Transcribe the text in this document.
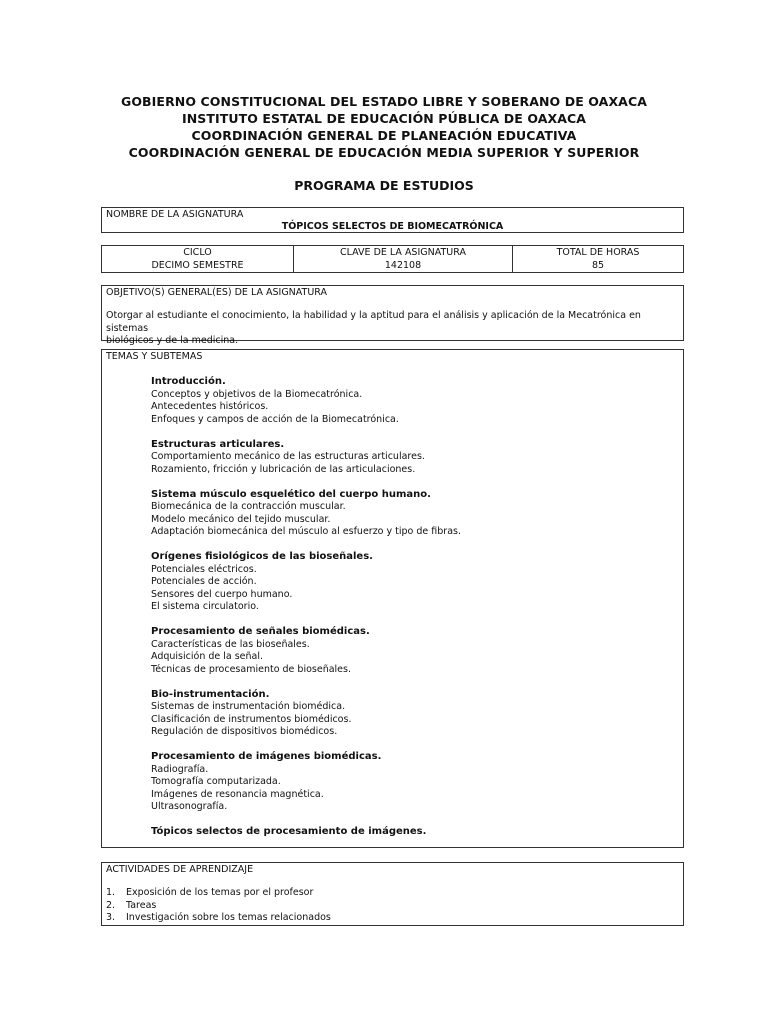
GOBIERNO CONSTITUCIONAL DEL ESTADO LIBRE Y SOBERANO DE OAXACA
INSTITUTO ESTATAL DE EDUCACIÓN PÚBLICA DE OAXACA
COORDINACIÓN GENERAL DE PLANEACIÓN EDUCATIVA
COORDINACIÓN GENERAL DE EDUCACIÓN MEDIA SUPERIOR Y SUPERIOR
PROGRAMA DE ESTUDIOS
NOMBRE DE LA ASIGNATURA
TÓPICOS SELECTOS DE BIOMECATRÓNICA
CICLO
DECIMO SEMESTRE
CLAVE DE LA ASIGNATURA
142108
TOTAL DE HORAS
85
OBJETIVO(S) GENERAL(ES) DE LA ASIGNATURA
Otorgar al estudiante el conocimiento, la habilidad y la aptitud para el análisis y aplicación de la Mecatrónica en sistemas
biológicos y de la medicina.
TEMAS Y SUBTEMAS
Introducción.
Conceptos y objetivos de la Biomecatrónica.
Antecedentes históricos.
Enfoques y campos de acción de la Biomecatrónica.
Estructuras articulares.
Comportamiento mecánico de las estructuras articulares.
Rozamiento, fricción y lubricación de las articulaciones.
Sistema músculo esquelético del cuerpo humano.
Biomecánica de la contracción muscular.
Modelo mecánico del tejido muscular.
Adaptación biomecánica del músculo al esfuerzo y tipo de fibras.
Orígenes fisiológicos de las bioseñales.
Potenciales eléctricos.
Potenciales de acción.
Sensores del cuerpo humano.
El sistema circulatorio.
Procesamiento de señales biomédicas.
Características de las bioseñales.
Adquisición de la señal.
Técnicas de procesamiento de bioseñales.
Bio-instrumentación.
Sistemas de instrumentación biomédica.
Clasificación de instrumentos biomédicos.
Regulación de dispositivos biomédicos.
Procesamiento de imágenes biomédicas.
Radiografía.
Tomografía computarizada.
Imágenes de resonancia magnética.
Ultrasonografía.
Tópicos selectos de procesamiento de imágenes.
ACTIVIDADES DE APRENDIZAJE
1. Exposición de los temas por el profesor
2. Tareas
3. Investigación sobre los temas relacionados
